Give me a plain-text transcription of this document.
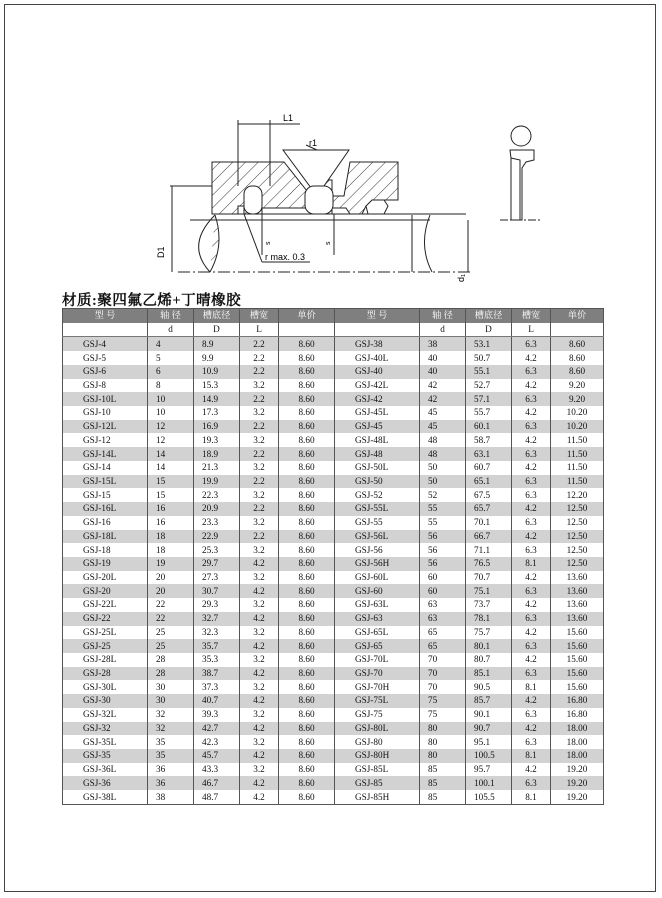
L1
r1
D1
s	s
r max. 0.3
d₁
材质:聚四氟乙烯+丁晴橡胶
型 号	轴 径	槽底径	槽宽	单价	型 号	轴 径	槽底径	槽宽	单价
	d	D	L			d	D	L	
GSJ-4	4	8.9	2.2	8.60	GSJ-38	38	53.1	6.3	8.60
GSJ-5	5	9.9	2.2	8.60	GSJ-40L	40	50.7	4.2	8.60
GSJ-6	6	10.9	2.2	8.60	GSJ-40	40	55.1	6.3	8.60
GSJ-8	8	15.3	3.2	8.60	GSJ-42L	42	52.7	4.2	9.20
GSJ-10L	10	14.9	2.2	8.60	GSJ-42	42	57.1	6.3	9.20
GSJ-10	10	17.3	3.2	8.60	GSJ-45L	45	55.7	4.2	10.20
GSJ-12L	12	16.9	2.2	8.60	GSJ-45	45	60.1	6.3	10.20
GSJ-12	12	19.3	3.2	8.60	GSJ-48L	48	58.7	4.2	11.50
GSJ-14L	14	18.9	2.2	8.60	GSJ-48	48	63.1	6.3	11.50
GSJ-14	14	21.3	3.2	8.60	GSJ-50L	50	60.7	4.2	11.50
GSJ-15L	15	19.9	2.2	8.60	GSJ-50	50	65.1	6.3	11.50
GSJ-15	15	22.3	3.2	8.60	GSJ-52	52	67.5	6.3	12.20
GSJ-16L	16	20.9	2.2	8.60	GSJ-55L	55	65.7	4.2	12.50
GSJ-16	16	23.3	3.2	8.60	GSJ-55	55	70.1	6.3	12.50
GSJ-18L	18	22.9	2.2	8.60	GSJ-56L	56	66.7	4.2	12.50
GSJ-18	18	25.3	3.2	8.60	GSJ-56	56	71.1	6.3	12.50
GSJ-19	19	29.7	4.2	8.60	GSJ-56H	56	76.5	8.1	12.50
GSJ-20L	20	27.3	3.2	8.60	GSJ-60L	60	70.7	4.2	13.60
GSJ-20	20	30.7	4.2	8.60	GSJ-60	60	75.1	6.3	13.60
GSJ-22L	22	29.3	3.2	8.60	GSJ-63L	63	73.7	4.2	13.60
GSJ-22	22	32.7	4.2	8.60	GSJ-63	63	78.1	6.3	13.60
GSJ-25L	25	32.3	3.2	8.60	GSJ-65L	65	75.7	4.2	15.60
GSJ-25	25	35.7	4.2	8.60	GSJ-65	65	80.1	6.3	15.60
GSJ-28L	28	35.3	3.2	8.60	GSJ-70L	70	80.7	4.2	15.60
GSJ-28	28	38.7	4.2	8.60	GSJ-70	70	85.1	6.3	15.60
GSJ-30L	30	37.3	3.2	8.60	GSJ-70H	70	90.5	8.1	15.60
GSJ-30	30	40.7	4.2	8.60	GSJ-75L	75	85.7	4.2	16.80
GSJ-32L	32	39.3	3.2	8.60	GSJ-75	75	90.1	6.3	16.80
GSJ-32	32	42.7	4.2	8.60	GSJ-80L	80	90.7	4.2	18.00
GSJ-35L	35	42.3	3.2	8.60	GSJ-80	80	95.1	6.3	18.00
GSJ-35	35	45.7	4.2	8.60	GSJ-80H	80	100.5	8.1	18.00
GSJ-36L	36	43.3	3.2	8.60	GSJ-85L	85	95.7	4.2	19.20
GSJ-36	36	46.7	4.2	8.60	GSJ-85	85	100.1	6.3	19.20
GSJ-38L	38	48.7	4.2	8.60	GSJ-85H	85	105.5	8.1	19.20
